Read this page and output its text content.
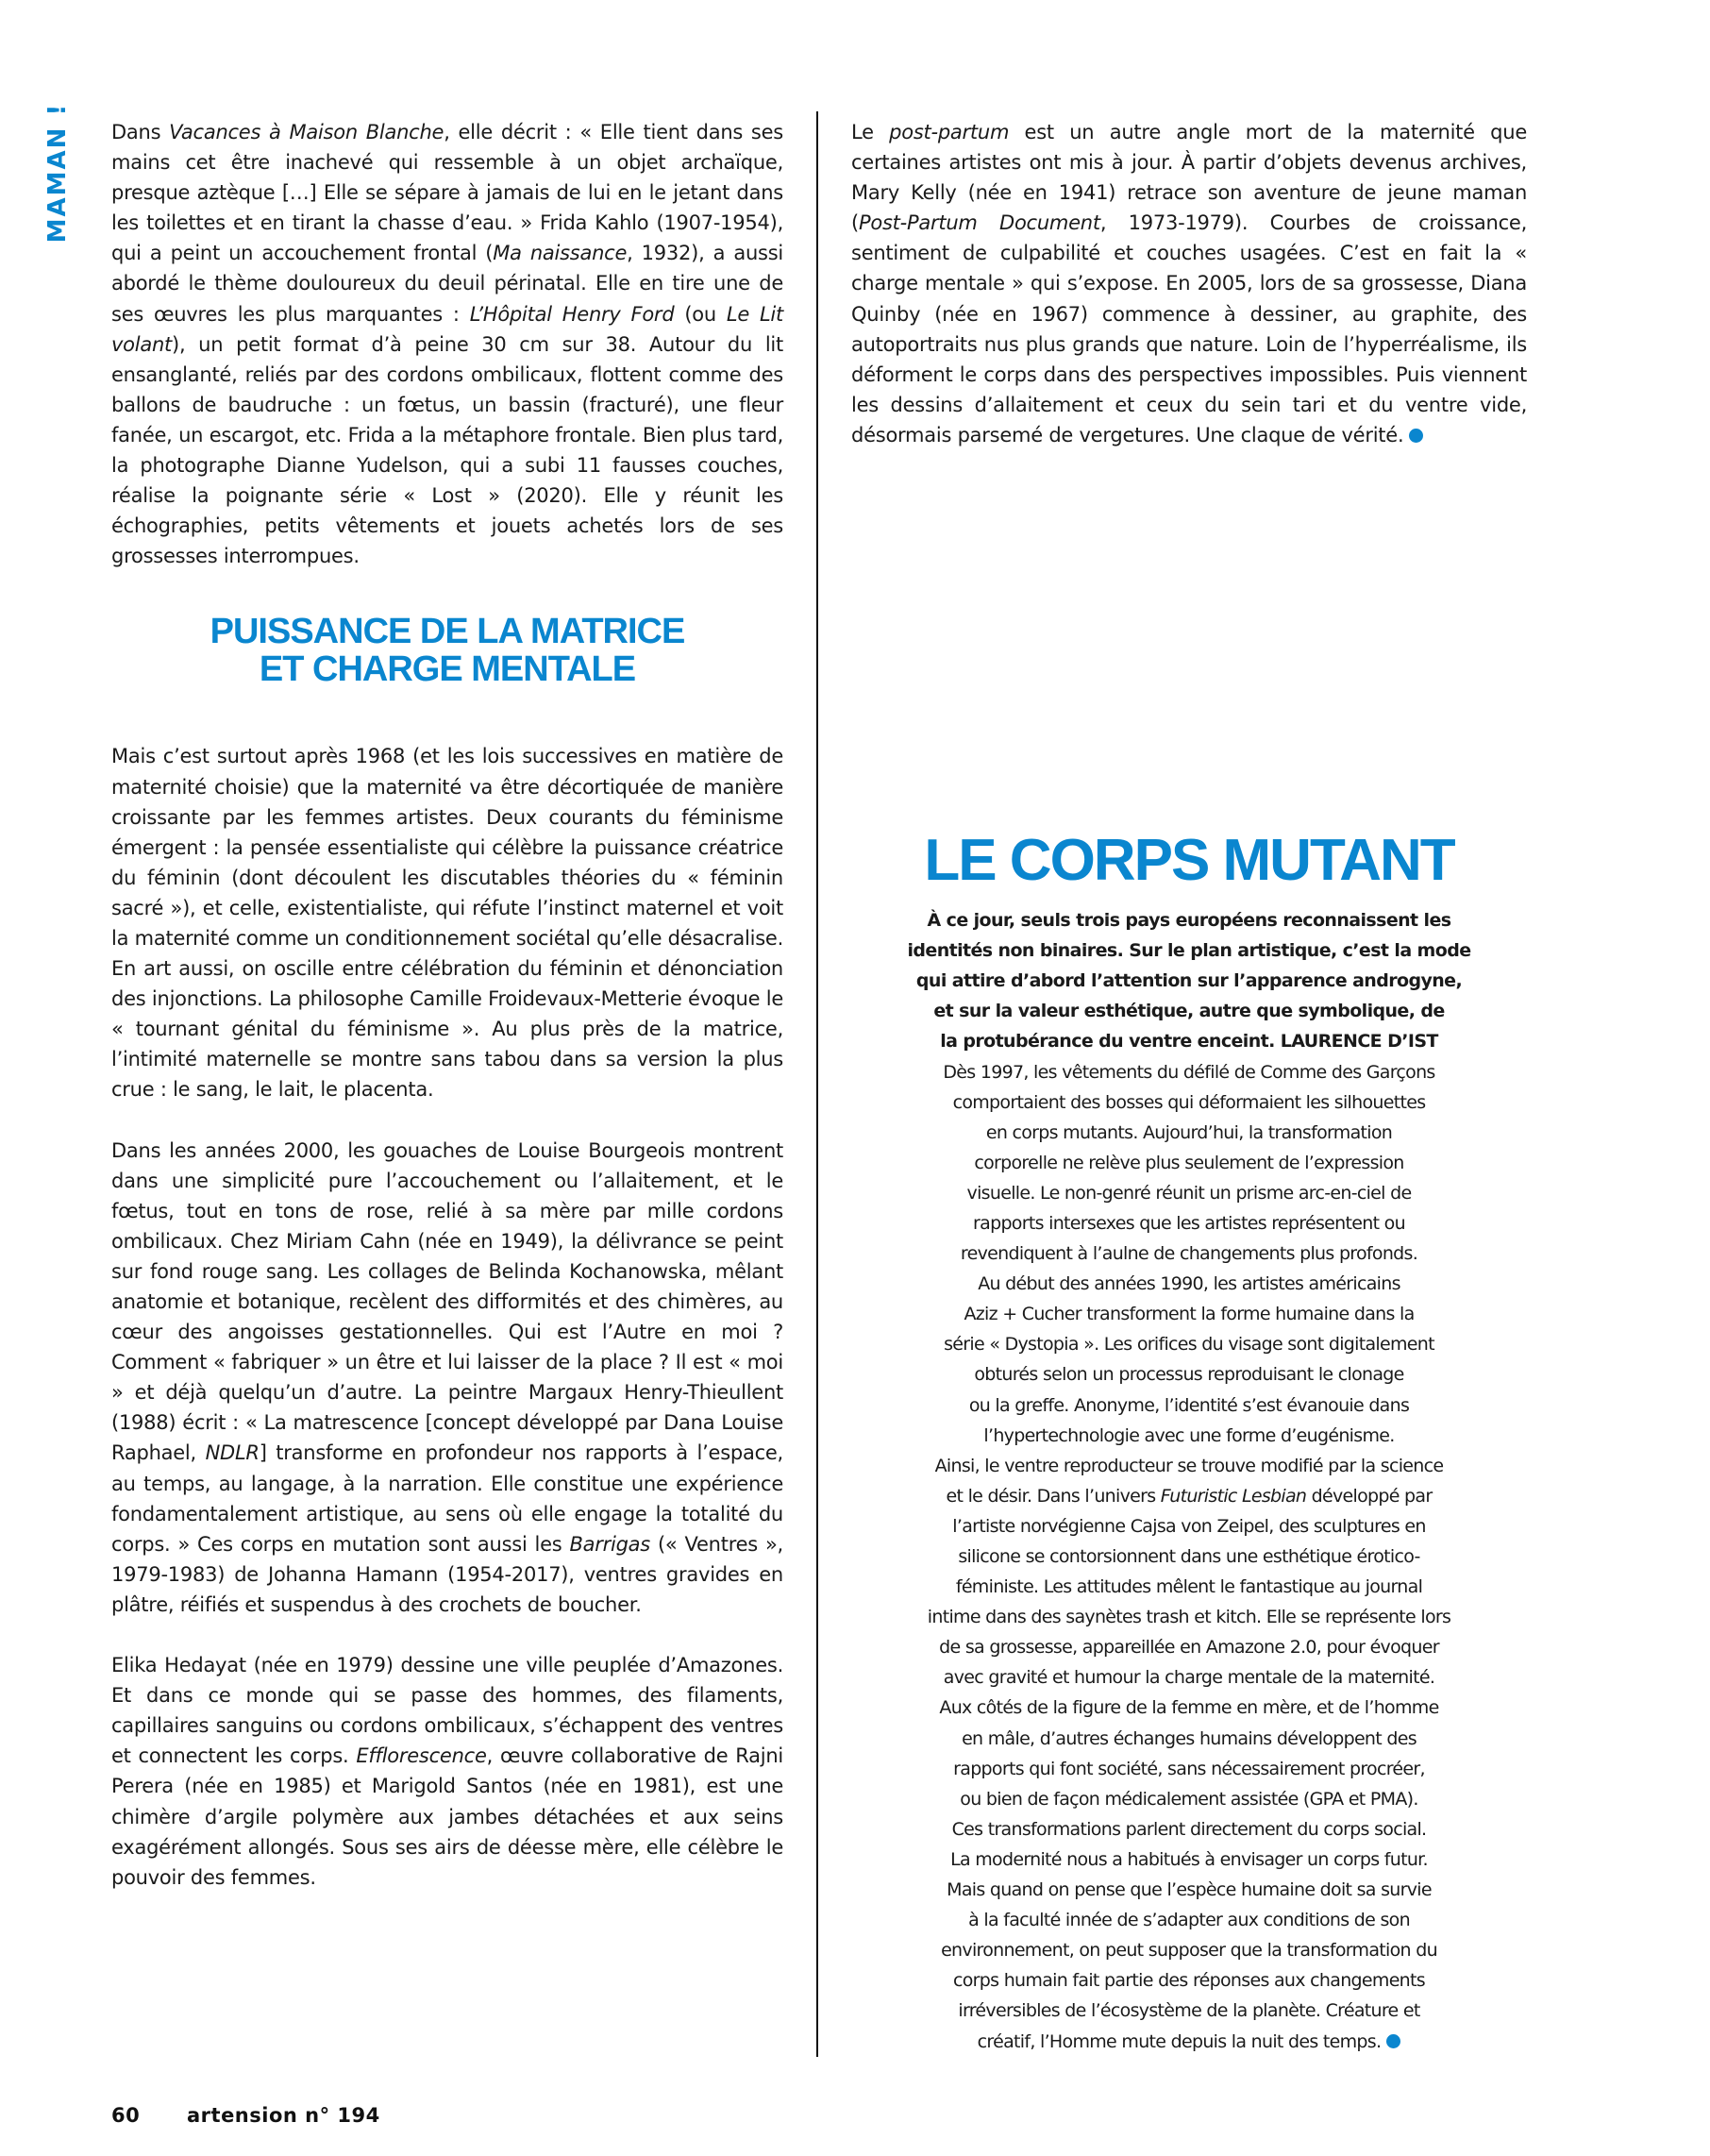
MAMAN ! Dans Vacances à Maison Blanche, elle décrit : « Elle tient dans ses mains cet être inachevé qui ressemble à un objet archaïque, presque aztèque […] Elle se sépare à jamais de lui en le jetant dans les toilettes et en tirant la chasse d’eau. » Frida Kahlo (1907-1954), qui a peint un accouchement frontal (Ma naissance, 1932), a aussi abordé le thème douloureux du deuil périnatal. Elle en tire une de ses œuvres les plus marquantes : L’Hôpital Henry Ford (ou Le Lit volant), un petit format d’à peine 30 cm sur 38. Autour du lit ensanglanté, reliés par des cordons ombilicaux, flottent comme des ballons de baudruche : un fœtus, un bassin (fracturé), une fleur fanée, un escargot, etc. Frida a la métaphore frontale. Bien plus tard, la photographe Dianne Yudelson, qui a subi 11 fausses couches, réalise la poignante série « Lost » (2020). Elle y réunit les échographies, petits vêtements et jouets achetés lors de ses grossesses interrompues.

PUISSANCE DE LA MATRICE
ET CHARGE MENTALE

Mais c’est surtout après 1968 (et les lois successives en matière de maternité choisie) que la maternité va être décortiquée de manière croissante par les femmes artistes. Deux courants du féminisme émergent : la pensée essentialiste qui célèbre la puissance créatrice du féminin (dont découlent les discutables théories du « féminin sacré »), et celle, existentialiste, qui réfute l’instinct maternel et voit la maternité comme un conditionnement sociétal qu’elle désacralise. En art aussi, on oscille entre célébration du féminin et dénonciation des injonctions. La philosophe Camille Froidevaux-Metterie évoque le « tournant génital du féminisme ». Au plus près de la matrice, l’intimité maternelle se montre sans tabou dans sa version la plus crue : le sang, le lait, le placenta.

Dans les années 2000, les gouaches de Louise Bourgeois montrent dans une simplicité pure l’accouchement ou l’allaitement, et le fœtus, tout en tons de rose, relié à sa mère par mille cordons ombilicaux. Chez Miriam Cahn (née en 1949), la délivrance se peint sur fond rouge sang. Les collages de Belinda Kochanowska, mêlant anatomie et botanique, recèlent des difformités et des chimères, au cœur des angoisses gestationnelles. Qui est l’Autre en moi ? Comment « fabriquer » un être et lui laisser de la place ? Il est « moi » et déjà quelqu’un d’autre. La peintre Margaux Henry-Thieullent (1988) écrit : « La matrescence [concept développé par Dana Louise Raphael, NDLR] transforme en profondeur nos rapports à l’espace, au temps, au langage, à la narration. Elle constitue une expérience fondamentalement artistique, au sens où elle engage la totalité du corps. » Ces corps en mutation sont aussi les Barrigas (« Ventres », 1979-1983) de Johanna Hamann (1954-2017), ventres gravides en plâtre, réifiés et suspendus à des crochets de boucher.

Elika Hedayat (née en 1979) dessine une ville peuplée d’Amazones. Et dans ce monde qui se passe des hommes, des filaments, capillaires sanguins ou cordons ombilicaux, s’échappent des ventres et connectent les corps. Efflorescence, œuvre collaborative de Rajni Perera (née en 1985) et Marigold Santos (née en 1981), est une chimère d’argile polymère aux jambes détachées et aux seins exagérément allongés. Sous ses airs de déesse mère, elle célèbre le pouvoir des femmes.

Le post-partum est un autre angle mort de la maternité que certaines artistes ont mis à jour. À partir d’objets devenus archives, Mary Kelly (née en 1941) retrace son aventure de jeune maman (Post-Partum Document, 1973-1979). Courbes de croissance, sentiment de culpabilité et couches usagées. C’est en fait la « charge mentale » qui s’expose. En 2005, lors de sa grossesse, Diana Quinby (née en 1967) commence à dessiner, au graphite, des autoportraits nus plus grands que nature. Loin de l’hyperréalisme, ils déforment le corps dans des perspectives impossibles. Puis viennent les dessins d’allaitement et ceux du sein tari et du ventre vide, désormais parsemé de vergetures. Une claque de vérité.

LE CORPS MUTANT

À ce jour, seuls trois pays européens reconnaissent les

identités non binaires. Sur le plan artistique, c’est la mode

qui attire d’abord l’attention sur l’apparence androgyne,

et sur la valeur esthétique, autre que symbolique, de

la protubérance du ventre enceint. LAURENCE D’IST

Dès 1997, les vêtements du défilé de Comme des Garçons

comportaient des bosses qui déformaient les silhouettes

en corps mutants. Aujourd’hui, la transformation

corporelle ne relève plus seulement de l’expression

visuelle. Le non-genré réunit un prisme arc-en-ciel de

rapports intersexes que les artistes représentent ou

revendiquent à l’aulne de changements plus profonds.

Au début des années 1990, les artistes américains

Aziz + Cucher transforment la forme humaine dans la

série « Dystopia ». Les orifices du visage sont digitalement

obturés selon un processus reproduisant le clonage

ou la greffe. Anonyme, l’identité s’est évanouie dans

l’hypertechnologie avec une forme d’eugénisme.

Ainsi, le ventre reproducteur se trouve modifié par la science

et le désir. Dans l’univers Futuristic Lesbian développé par

l’artiste norvégienne Cajsa von Zeipel, des sculptures en

silicone se contorsionnent dans une esthétique érotico-

féministe. Les attitudes mêlent le fantastique au journal

intime dans des saynètes trash et kitch. Elle se représente lors

de sa grossesse, appareillée en Amazone 2.0, pour évoquer

avec gravité et humour la charge mentale de la maternité.

Aux côtés de la figure de la femme en mère, et de l’homme

en mâle, d’autres échanges humains développent des

rapports qui font société, sans nécessairement procréer,

ou bien de façon médicalement assistée (GPA et PMA).

Ces transformations parlent directement du corps social.

La modernité nous a habitués à envisager un corps futur.

Mais quand on pense que l’espèce humaine doit sa survie

à la faculté innée de s’adapter aux conditions de son

environnement, on peut supposer que la transformation du

corps humain fait partie des réponses aux changements

irréversibles de l’écosystème de la planète. Créature et

créatif, l’Homme mute depuis la nuit des temps.

60 artension n° 194
